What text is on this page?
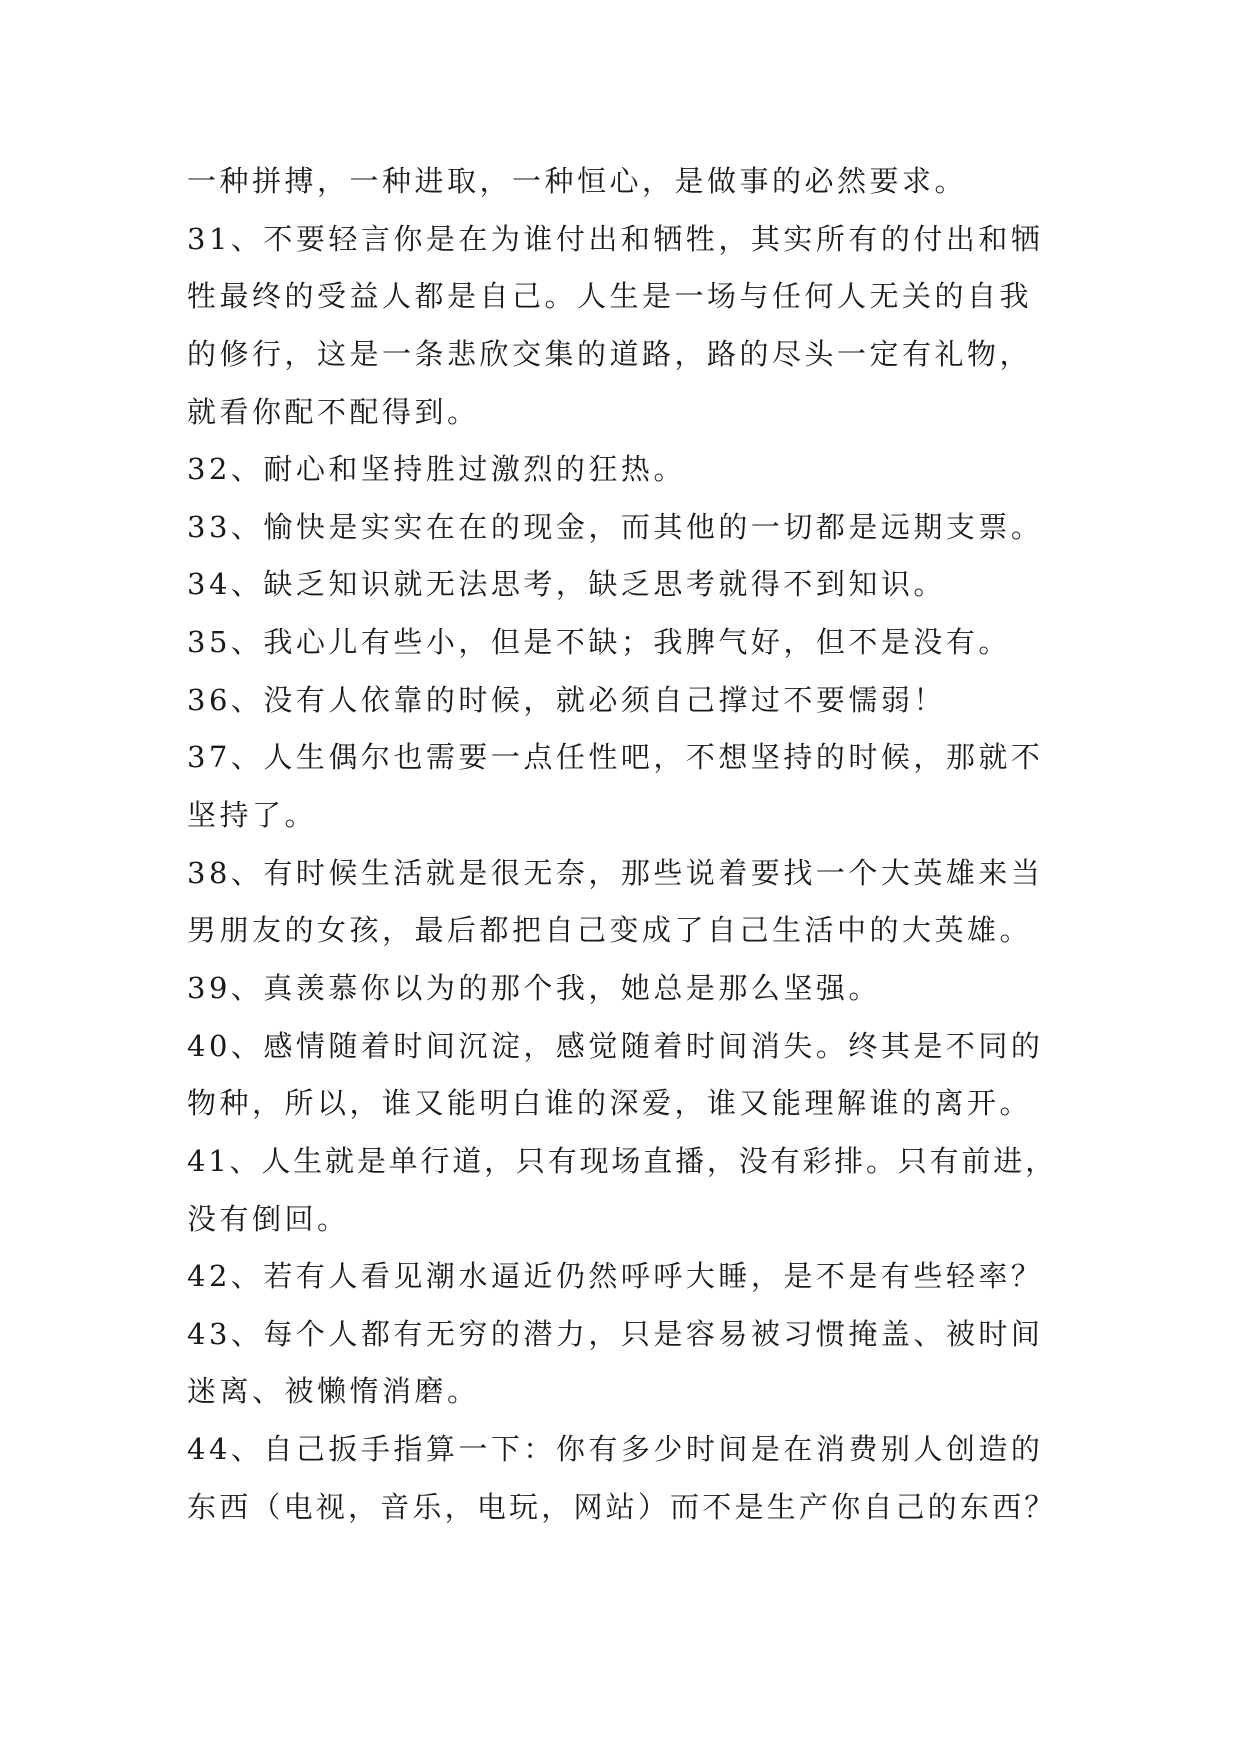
一种拼搏，一种进取，一种恒心，是做事的必然要求。
31、不要轻言你是在为谁付出和牺牲，其实所有的付出和牺
牲最终的受益人都是自己。人生是一场与任何人无关的自我
的修行，这是一条悲欣交集的道路，路的尽头一定有礼物，
就看你配不配得到。
32、耐心和坚持胜过激烈的狂热。
33、愉快是实实在在的现金，而其他的一切都是远期支票。
34、缺乏知识就无法思考，缺乏思考就得不到知识。
35、我心儿有些小，但是不缺；我脾气好，但不是没有。
36、没有人依靠的时候，就必须自己撑过不要懦弱！
37、人生偶尔也需要一点任性吧，不想坚持的时候，那就不
坚持了。
38、有时候生活就是很无奈，那些说着要找一个大英雄来当
男朋友的女孩，最后都把自己变成了自己生活中的大英雄。
39、真羡慕你以为的那个我，她总是那么坚强。
40、感情随着时间沉淀，感觉随着时间消失。终其是不同的
物种，所以，谁又能明白谁的深爱，谁又能理解谁的离开。
41、人生就是单行道，只有现场直播，没有彩排。只有前进，
没有倒回。
42、若有人看见潮水逼近仍然呼呼大睡，是不是有些轻率？
43、每个人都有无穷的潜力，只是容易被习惯掩盖、被时间
迷离、被懒惰消磨。
44、自己扳手指算一下：你有多少时间是在消费别人创造的
东西（电视，音乐，电玩，网站）而不是生产你自己的东西？
